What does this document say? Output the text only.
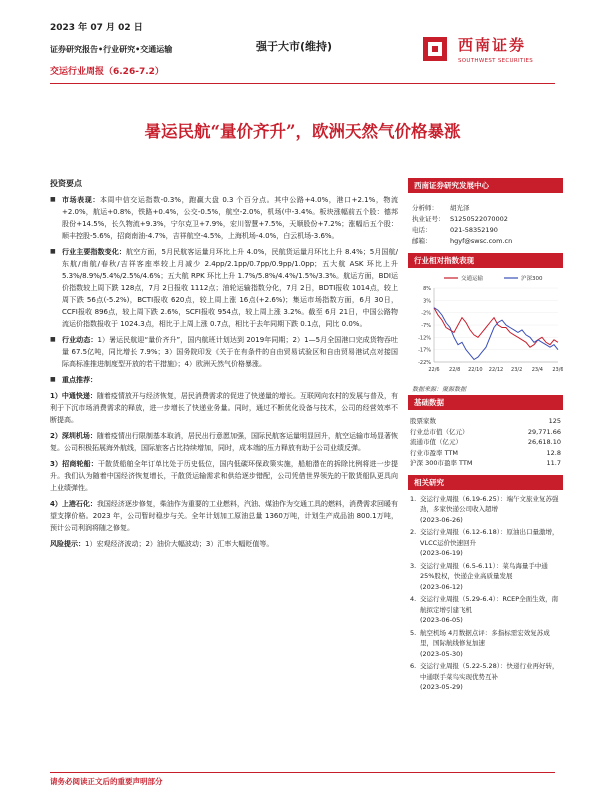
2023 年 07 月 02 日
证券研究报告•行业研究•交通运输
交运行业周报（6.26-7.2）
强于大市(维持)	西南证券
SOUTHWEST SECURITIES
暑运民航“量价齐升”，欧洲天然气价格暴涨
投资要点
■ 市场表现：本周中信交运指数-0.3%，跑赢大盘 0.3 个百分点。其中公路+4.0%，港口+2.1%，物流+2.0%，航运+0.8%，铁路+0.4%，公交-0.5%，航空-2.0%，机场(中-3.4%。板块涨幅前五个股：德邦股份+14.5%，长久物流+9.3%，宁尔克卫+7.9%，宏川智慧+7.5%，天顺股份+7.2%；涨幅后五个股：顺丰控股-5.6%，招商南油-4.7%，吉祥航空-4.5%，上海机场-4.0%，白云机场-3.6%。
■ 行业主要指数变化：航空方面，5月民航客运量月环比上升 4.0%，民航货运量月环比上升 8.4%；5月国航/东航/南航/春秋/吉祥客座率较上月减少 2.4pp/2.1pp/0.7pp/0.9pp/1.0pp；五大航 ASK 环比上升 5.3%/8.9%/5.4%/2.5%/4.6%；五大航 RPK 环比上升 1.7%/5.8%/4.4%/1.5%/3.3%。航运方面，BDI运价指数较上周下跌 128点，7月 2日报收 1112点；油轮运输指数分化，7月 2日，BDTI报收 1014点，较上周下跌 56点(-5.2%)，BCTI报收 620点，较上周上涨 16点(+2.6%)；集运市场指数方面，6月 30日，CCFI报收 896点，较上周下跌 2.6%，SCFI报收 954点，较上周上涨 3.2%。截至 6月 21日，中国公路物流运价指数报收于 1024.3点，相比于上周上涨 0.7点，相比于去年同期下跌 0.1点，同比 0.0%。
■ 行业动态：1）暑运民航迎“量价齐升”，国内航班计划达到 2019年同期；2）1—5月全国港口完成货物吞吐量 67.5亿吨，同比增长 7.9%；3）国务院印发《关于在有条件的自由贸易试验区和自由贸易港试点对接国际高标准推进制度型开放的若干措施》；4）欧洲天然气价格暴涨。
■ 重点推荐：
1）中通快递：随着疫情放开与经济恢复，居民消费需求的促进了快递量的增长。互联网向农村的发展与普及，有利于下沉市场消费需求的释放，进一步增长了快递业务量。同时，通过不断优化设备与技术，公司的经营效率不断提高。
2）深圳机场：随着疫情出行限制基本取消，居民出行意愿加强，国际民航客运量明显回升，航空运输市场显著恢复。公司积极拓展海外航线，国际旅客占比持续增加，同时，成本端的压力释放有助于公司业绩反弹。
3）招商轮船：干散货船舶全年订单比处于历史低位，国内低碳环保政策实施，船舶潜在的拆除比例将进一步提升。我们认为随着中国经济恢复增长，干散货运输需求和供给逐步错配，公司凭借世界领先的干散货船队更具向上业绩弹性。
4）上港石化：我国经济逐步修复，柴油作为重要的工业燃料，汽油、煤油作为交通工具的燃料，消费需求回暖有望支撑价格。2023 年，公司暂时稳步与关。全年计划加工原油总量 1360万吨，计划生产成品油 800.1万吨，预计公司利润将随之修复。
风险提示：1）宏观经济波动；2）油价大幅波动；3）汇率大幅贬值等。
西南证券研究发展中心
分析师：	胡光泽
执业证号： S1250522070002
电话：	021-58352190
邮箱：	hgyf@swsc.com.cn
行业相对指数表现
交通运输	沪深300
8%
3%
-2%
-7%
-12%
-17%
-22%
22/6 22/8 22/10 22/12 23/2 23/4 23/6
数据来源：聚源数据
基础数据
股票家数	125
行业总市值（亿元）	29,771.66
流通市值（亿元）	26,618.10
行业市盈率 TTM	12.8
沪深 300市盈率 TTM	11.7
相关研究
1. 交运行业周报（6.19-6.25）：端午文旅业复苏强劲，多家快递公司收入超增
(2023-06-26)
2. 交运行业周报（6.12-6.18）：原油出口量激增，VLCC运价快速回升
(2023-06-19)
3. 交运行业周报（6.5-6.11）：菜鸟海量手中通 25%股权，快递企业高质量发展
(2023-06-12)
4. 交运行业周报（5.29-6.4）：RCEP全面生效，南航拟定增引建飞机
(2023-06-05)
5. 航空机场 4月数据点评：多指标需宏效复苏成里，国际航线修复加速
(2023-05-30)
6. 交运行业周报（5.22-5.28）：快递行业再好转，中通联手菜鸟实现优势互补
(2023-05-29)
请务必阅读正文后的重要声明部分
